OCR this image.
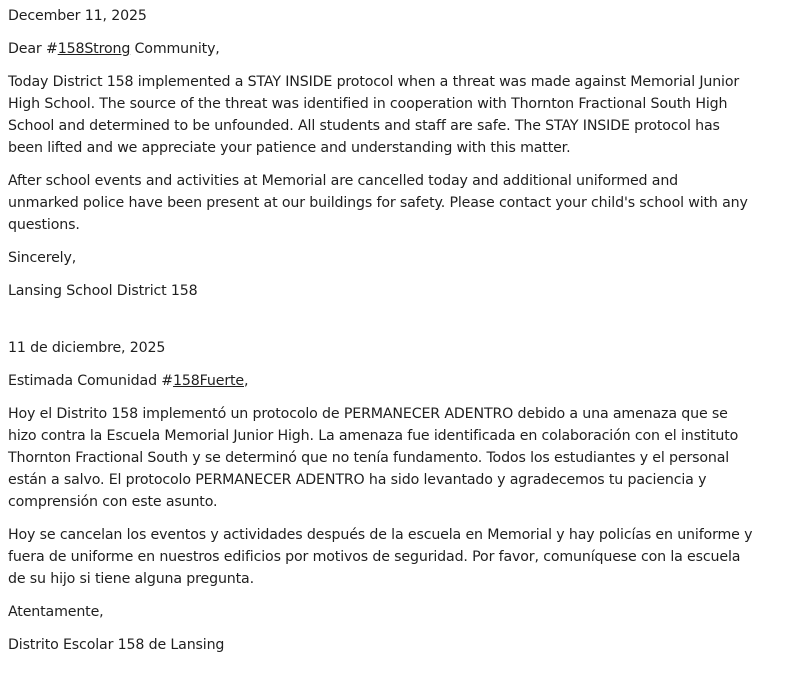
December 11, 2025

Dear #158Strong Community,

Today District 158 implemented a STAY INSIDE protocol when a threat was made against Memorial Junior
High School. The source of the threat was identified in cooperation with Thornton Fractional South High
School and determined to be unfounded. All students and staff are safe. The STAY INSIDE protocol has
been lifted and we appreciate your patience and understanding with this matter.

After school events and activities at Memorial are cancelled today and additional uniformed and
unmarked police have been present at our buildings for safety. Please contact your child's school with any
questions.

Sincerely,

Lansing School District 158

11 de diciembre, 2025

Estimada Comunidad #158Fuerte,

Hoy el Distrito 158 implementó un protocolo de PERMANECER ADENTRO debido a una amenaza que se
hizo contra la Escuela Memorial Junior High. La amenaza fue identificada en colaboración con el instituto
Thornton Fractional South y se determinó que no tenía fundamento. Todos los estudiantes y el personal
están a salvo. El protocolo PERMANECER ADENTRO ha sido levantado y agradecemos tu paciencia y
comprensión con este asunto.

Hoy se cancelan los eventos y actividades después de la escuela en Memorial y hay policías en uniforme y
fuera de uniforme en nuestros edificios por motivos de seguridad. Por favor, comuníquese con la escuela
de su hijo si tiene alguna pregunta.

Atentamente,

Distrito Escolar 158 de Lansing
